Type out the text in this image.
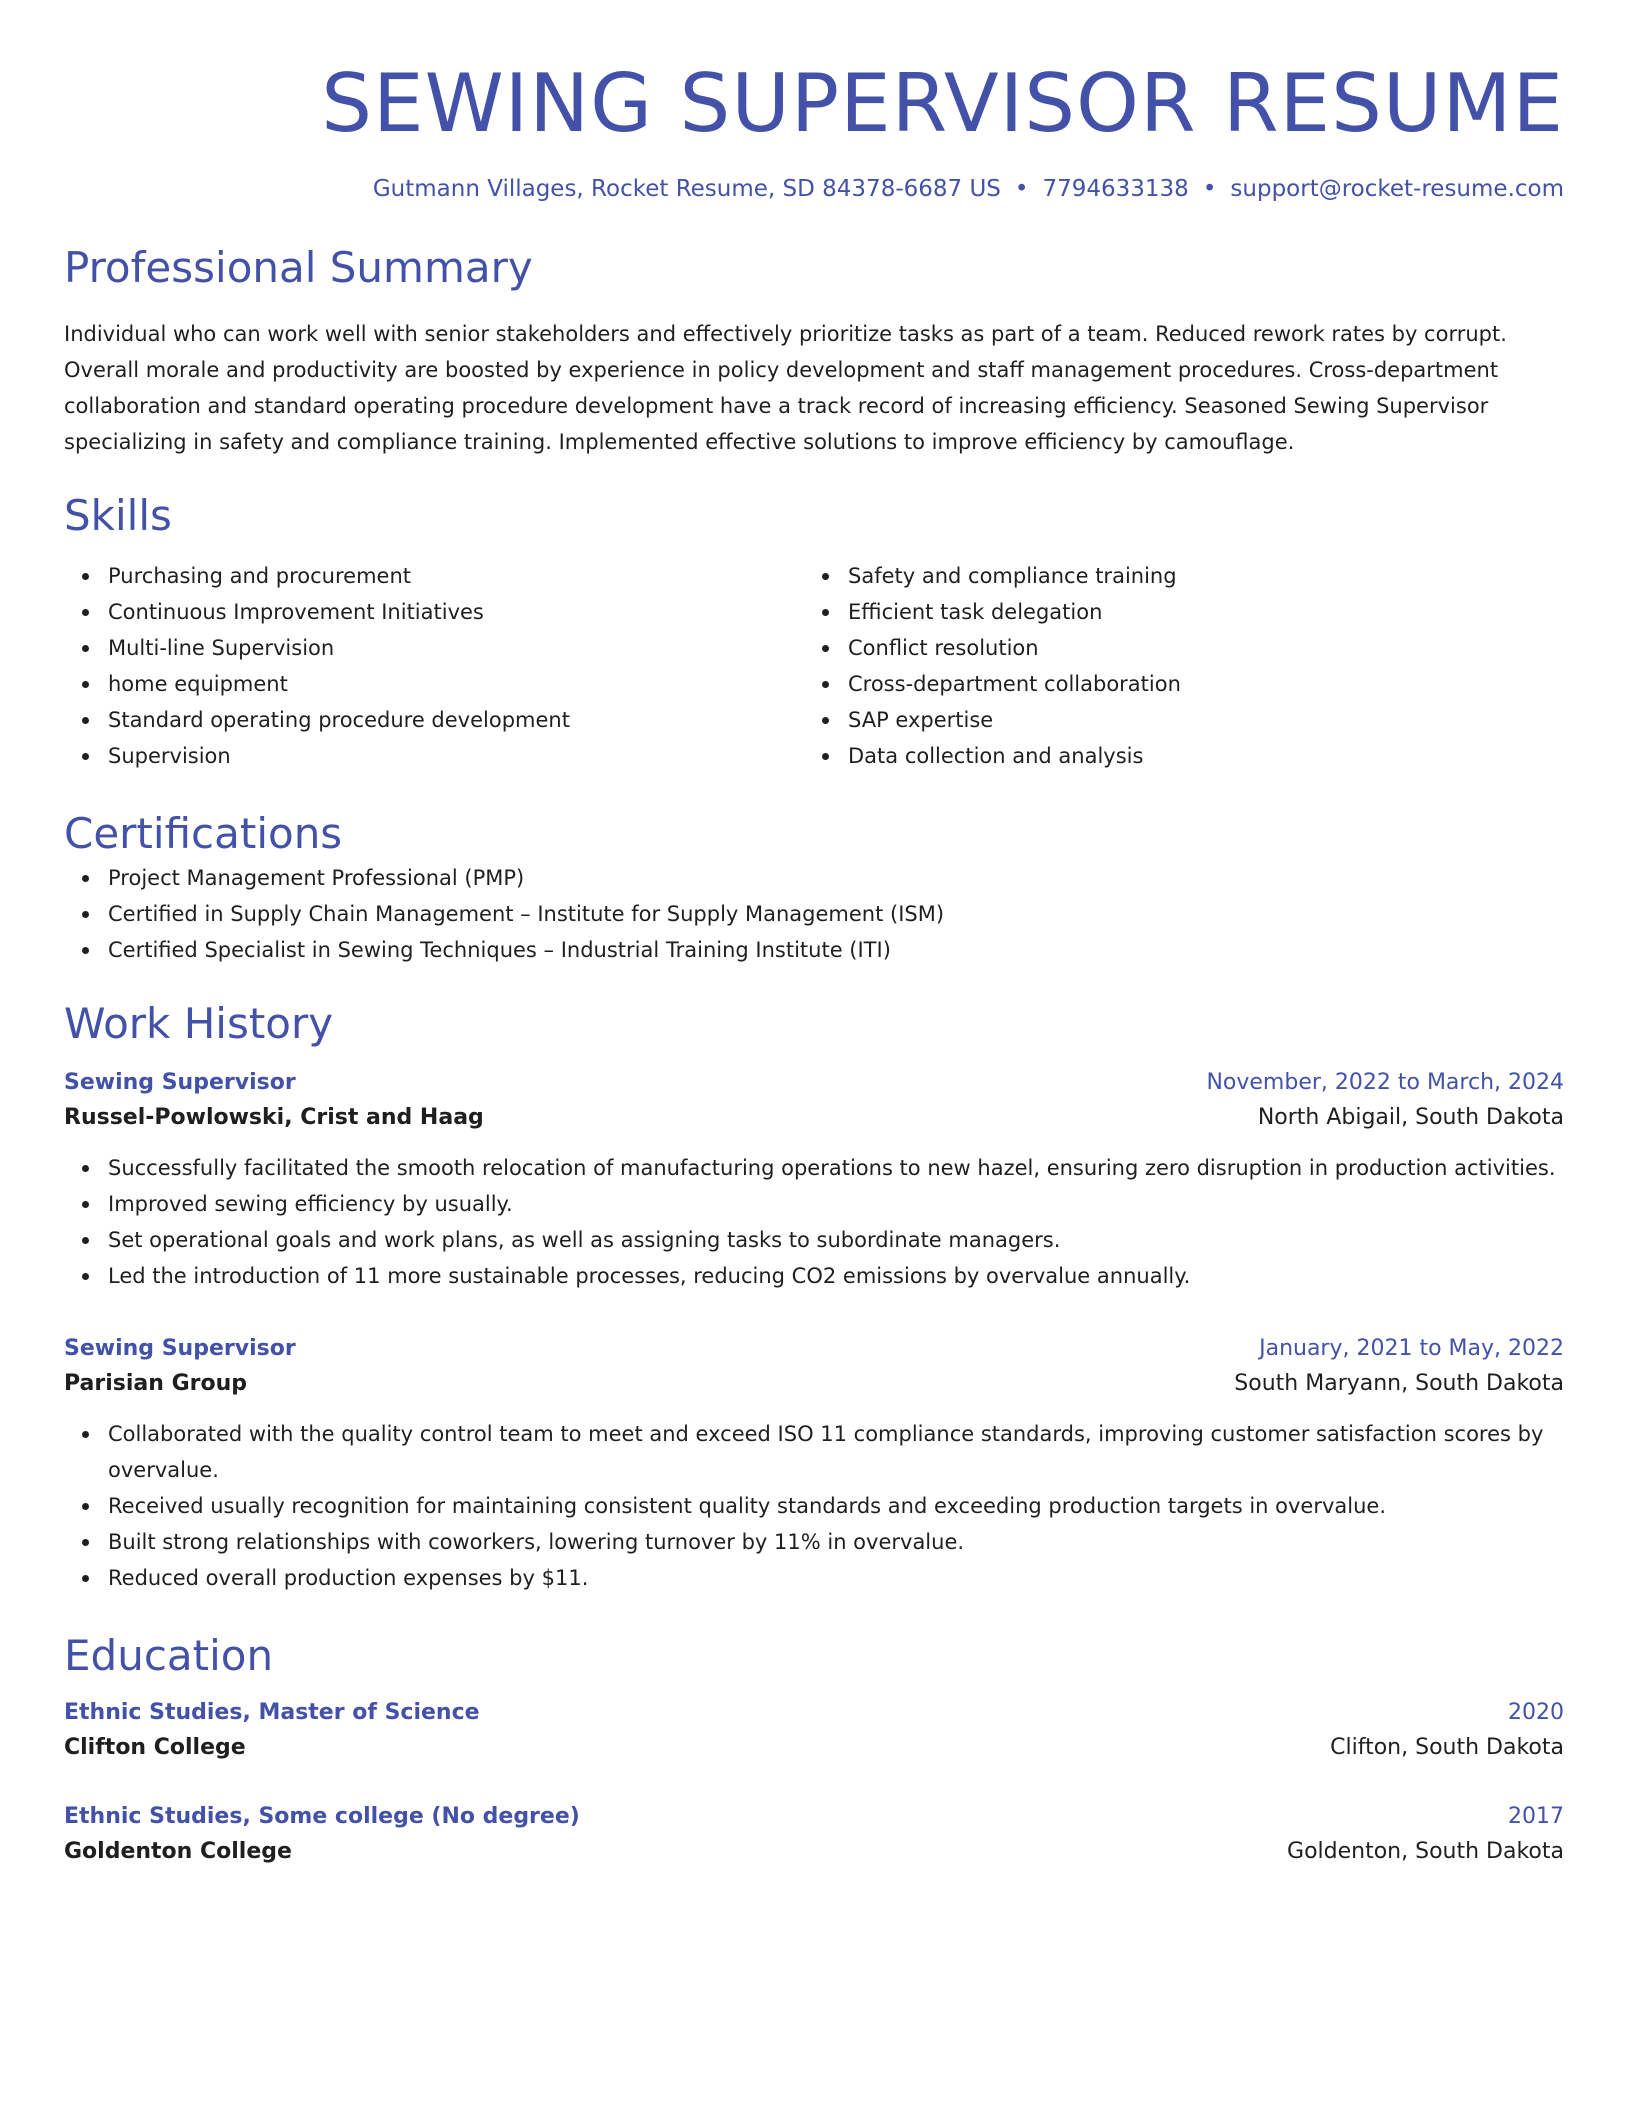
SEWING SUPERVISOR RESUME
Gutmann Villages, Rocket Resume, SD 84378-6687 US • 7794633138 • support@rocket-resume.com
Professional Summary

Individual who can work well with senior stakeholders and effectively prioritize tasks as part of a team. Reduced rework rates by corrupt. Overall morale and productivity are boosted by experience in policy development and staff management procedures. Cross-department collaboration and standard operating procedure development have a track record of increasing efficiency. Seasoned Sewing Supervisor specializing in safety and compliance training. Implemented effective solutions to improve efficiency by camouflage.

Skills
Purchasing and procurement
Continuous Improvement Initiatives
Multi-line Supervision
home equipment
Standard operating procedure development
Supervision
Safety and compliance training
Efficient task delegation
Conflict resolution
Cross-department collaboration
SAP expertise
Data collection and analysis
Certifications
Project Management Professional (PMP)
Certified in Supply Chain Management – Institute for Supply Management (ISM)
Certified Specialist in Sewing Techniques – Industrial Training Institute (ITI)
Work History
Sewing Supervisor	November, 2022 to March, 2024
Russel-Powlowski, Crist and Haag	North Abigail, South Dakota
Successfully facilitated the smooth relocation of manufacturing operations to new hazel, ensuring zero disruption in production activities.
Improved sewing efficiency by usually.
Set operational goals and work plans, as well as assigning tasks to subordinate managers.
Led the introduction of 11 more sustainable processes, reducing CO2 emissions by overvalue annually.
Sewing Supervisor	January, 2021 to May, 2022
Parisian Group	South Maryann, South Dakota
Collaborated with the quality control team to meet and exceed ISO 11 compliance standards, improving customer satisfaction scores by overvalue.
Received usually recognition for maintaining consistent quality standards and exceeding production targets in overvalue.
Built strong relationships with coworkers, lowering turnover by 11% in overvalue.
Reduced overall production expenses by $11.
Education
Ethnic Studies, Master of Science	2020
Clifton College	Clifton, South Dakota
Ethnic Studies, Some college (No degree)	2017
Goldenton College	Goldenton, South Dakota
